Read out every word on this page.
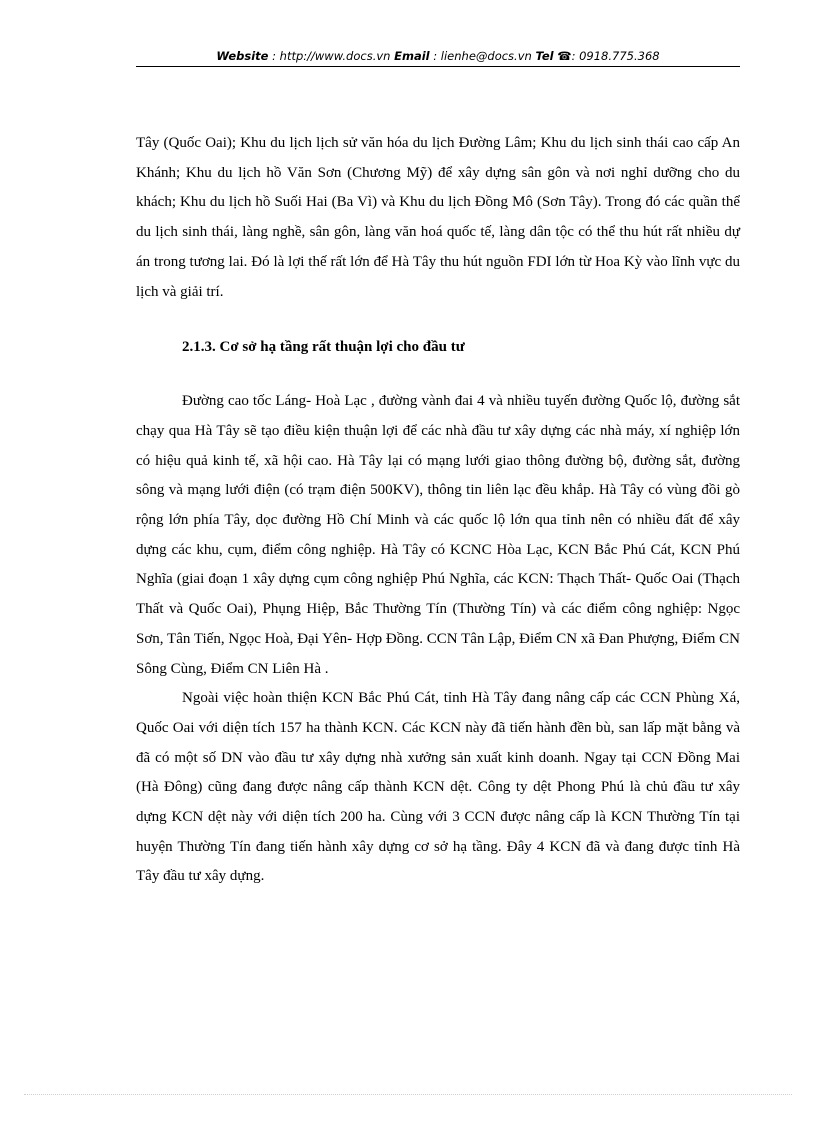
Website : http://www.docs.vn Email : lienhe@docs.vn Tel ☎: 0918.775.368

Tây (Quốc Oai); Khu du lịch lịch sử văn hóa du lịch Đường Lâm; Khu du lịch sinh thái cao cấp An Khánh; Khu du lịch hồ Văn Sơn (Chương Mỹ) để xây dựng sân gôn và nơi nghỉ dưỡng cho du khách; Khu du lịch hồ Suối Hai (Ba Vì) và Khu du lịch Đồng Mô (Sơn Tây). Trong đó các quần thể du lịch sinh thái, làng nghề, sân gôn, làng văn hoá quốc tế, làng dân tộc có thể thu hút rất nhiều dự án trong tương lai. Đó là lợi thế rất lớn để Hà Tây thu hút nguồn FDI lớn từ Hoa Kỳ vào lĩnh vực du lịch và giải trí.

2.1.3. Cơ sở hạ tầng rất thuận lợi cho đầu tư

Đường cao tốc Láng- Hoà Lạc , đường vành đai 4 và nhiều tuyến đường Quốc lộ, đường sắt chạy qua Hà Tây sẽ tạo điều kiện thuận lợi để các nhà đầu tư xây dựng các nhà máy, xí nghiệp lớn có hiệu quả kinh tế, xã hội cao. Hà Tây lại có mạng lưới giao thông đường bộ, đường sắt, đường sông và mạng lưới điện (có trạm điện 500KV), thông tin liên lạc đều khắp. Hà Tây có vùng đồi gò rộng lớn phía Tây, dọc đường Hồ Chí Minh và các quốc lộ lớn qua tỉnh nên có nhiều đất để xây dựng các khu, cụm, điểm công nghiệp. Hà Tây có KCNC Hòa Lạc, KCN Bắc Phú Cát, KCN Phú Nghĩa (giai đoạn 1 xây dựng cụm công nghiệp Phú Nghĩa, các KCN: Thạch Thất- Quốc Oai (Thạch Thất và Quốc Oai), Phụng Hiệp, Bắc Thường Tín (Thường Tín) và các điểm công nghiệp: Ngọc Sơn, Tân Tiến, Ngọc Hoà, Đại Yên- Hợp Đồng. CCN Tân Lập, Điểm CN xã Đan Phượng, Điểm CN Sông Cùng, Điểm CN Liên Hà .

Ngoài việc hoàn thiện KCN Bắc Phú Cát, tỉnh Hà Tây đang nâng cấp các CCN Phùng Xá, Quốc Oai với diện tích 157 ha thành KCN. Các KCN này đã tiến hành đền bù, san lấp mặt bằng và đã có một số DN vào đầu tư xây dựng nhà xưởng sản xuất kinh doanh. Ngay tại CCN Đồng Mai (Hà Đông) cũng đang được nâng cấp thành KCN dệt. Công ty dệt Phong Phú là chủ đầu tư xây dựng KCN dệt này với diện tích 200 ha. Cùng với 3 CCN được nâng cấp là KCN Thường Tín tại huyện Thường Tín đang tiến hành xây dựng cơ sở hạ tầng. Đây 4 KCN đã và đang được tỉnh Hà Tây đầu tư xây dựng.
